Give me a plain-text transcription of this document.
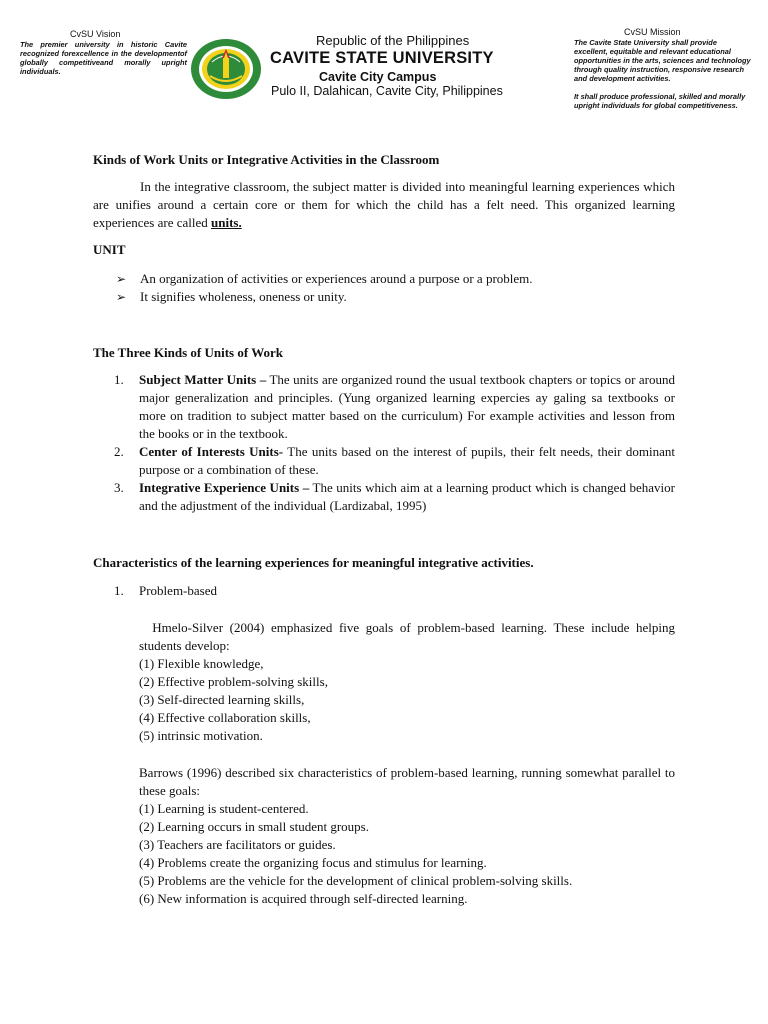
CvSU Vision
The premier university in historic Cavite recognized forexcellence in the developmentof globally competitiveand morally upright individuals.
Republic of the Philippines
CAVITE STATE UNIVERSITY
Cavite City Campus
Pulo II, Dalahican, Cavite City, Philippines
CvSU Mission

The Cavite State University shall provide excellent, equitable and relevant educational opportunities in the arts, sciences and technology through quality instruction, responsive research and development activities.

It shall produce professional, skilled and morally upright individuals for global competitiveness.

Kinds of Work Units or Integrative Activities in the Classroom
In the integrative classroom, the subject matter is divided into meaningful learning experiences which are unifies around a certain core or them for which the child has a felt need. This organized learning experiences are called units.
UNIT
➢ An organization of activities or experiences around a purpose or a problem.
➢ It signifies wholeness, oneness or unity.
The Three Kinds of Units of Work
1. Subject Matter Units – The units are organized round the usual textbook chapters or topics or around major generalization and principles. (Yung organized learning expercies ay galing sa textbooks or more on tradition to subject matter based on the curriculum) For example activities and lesson from the books or in the textbook.
2. Center of Interests Units- The units based on the interest of pupils, their felt needs, their dominant purpose or a combination of these.
3. Integrative Experience Units – The units which aim at a learning product which is changed behavior and the adjustment of the individual (Lardizabal, 1995)
Characteristics of the learning experiences for meaningful integrative activities.
1. Problem-based
Hmelo-Silver (2004) emphasized five goals of problem-based learning. These include helping students develop:
(1) Flexible knowledge,
(2) Effective problem-solving skills,
(3) Self-directed learning skills,
(4) Effective collaboration skills,
(5) intrinsic motivation.
Barrows (1996) described six characteristics of problem-based learning, running somewhat parallel to these goals:
(1) Learning is student-centered.
(2) Learning occurs in small student groups.
(3) Teachers are facilitators or guides.
(4) Problems create the organizing focus and stimulus for learning.
(5) Problems are the vehicle for the development of clinical problem-solving skills.
(6) New information is acquired through self-directed learning.
